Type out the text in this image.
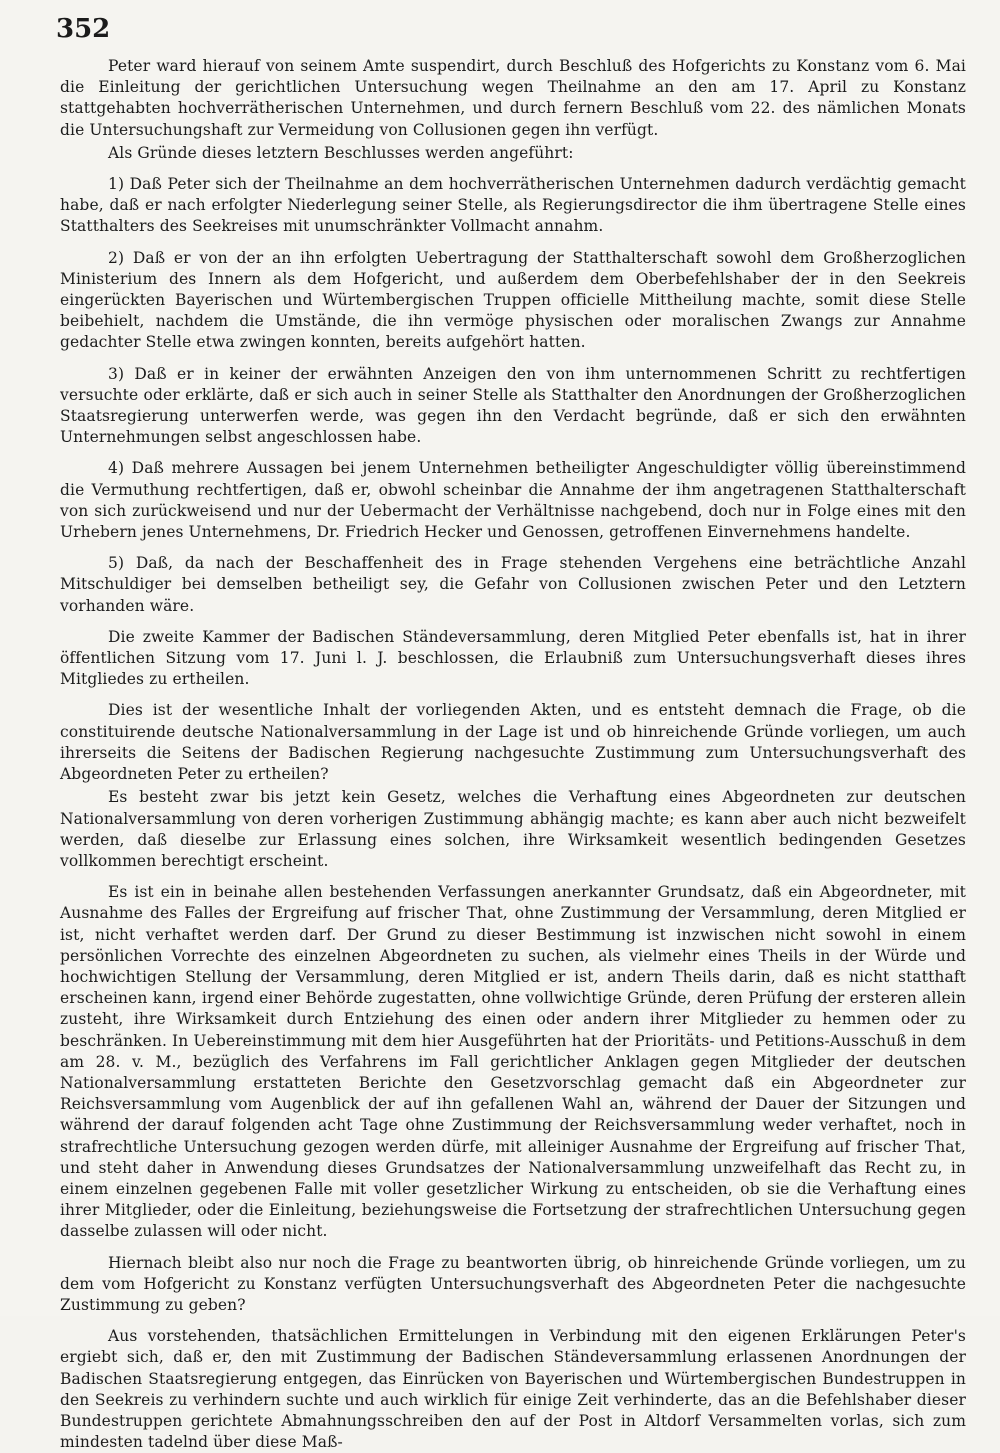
352

Peter ward hierauf von seinem Amte suspendirt, durch Beschluß des Hofgerichts zu Konstanz vom 6. Mai die Einleitung der gerichtlichen Untersuchung wegen Theilnahme an den am 17. April zu Konstanz stattgehabten hochverrätherischen Unternehmen, und durch fernern Beschluß vom 22. des nämlichen Monats die Untersuchungshaft zur Vermeidung von Collusionen gegen ihn verfügt.

Als Gründe dieses letztern Beschlusses werden angeführt:

1) Daß Peter sich der Theilnahme an dem hochverrätherischen Unternehmen dadurch verdächtig gemacht habe, daß er nach erfolgter Niederlegung seiner Stelle, als Regierungsdirector die ihm übertragene Stelle eines Statthalters des Seekreises mit unumschränkter Vollmacht annahm.

2) Daß er von der an ihn erfolgten Uebertragung der Statthalterschaft sowohl dem Großherzoglichen Ministerium des Innern als dem Hofgericht, und außerdem dem Oberbefehlshaber der in den Seekreis eingerückten Bayerischen und Würtembergischen Truppen officielle Mittheilung machte, somit diese Stelle beibehielt, nachdem die Umstände, die ihn vermöge physischen oder moralischen Zwangs zur Annahme gedachter Stelle etwa zwingen konnten, bereits aufgehört hatten.

3) Daß er in keiner der erwähnten Anzeigen den von ihm unternommenen Schritt zu rechtfertigen versuchte oder erklärte, daß er sich auch in seiner Stelle als Statthalter den Anordnungen der Großherzoglichen Staatsregierung unterwerfen werde, was gegen ihn den Verdacht begründe, daß er sich den erwähnten Unternehmungen selbst angeschlossen habe.

4) Daß mehrere Aussagen bei jenem Unternehmen betheiligter Angeschuldigter völlig übereinstimmend die Vermuthung rechtfertigen, daß er, obwohl scheinbar die Annahme der ihm angetragenen Statthalterschaft von sich zurückweisend und nur der Uebermacht der Verhältnisse nachgebend, doch nur in Folge eines mit den Urhebern jenes Unternehmens, Dr. Friedrich Hecker und Genossen, getroffenen Einvernehmens handelte.

5) Daß, da nach der Beschaffenheit des in Frage stehenden Vergehens eine beträchtliche Anzahl Mitschuldiger bei demselben betheiligt sey, die Gefahr von Collusionen zwischen Peter und den Letztern vorhanden wäre.

Die zweite Kammer der Badischen Ständeversammlung, deren Mitglied Peter ebenfalls ist, hat in ihrer öffentlichen Sitzung vom 17. Juni l. J. beschlossen, die Erlaubniß zum Untersuchungsverhaft dieses ihres Mitgliedes zu ertheilen.

Dies ist der wesentliche Inhalt der vorliegenden Akten, und es entsteht demnach die Frage, ob die constituirende deutsche Nationalversammlung in der Lage ist und ob hinreichende Gründe vorliegen, um auch ihrerseits die Seitens der Badischen Regierung nachgesuchte Zustimmung zum Untersuchungsverhaft des Abgeordneten Peter zu ertheilen?

Es besteht zwar bis jetzt kein Gesetz, welches die Verhaftung eines Abgeordneten zur deutschen Nationalversammlung von deren vorherigen Zustimmung abhängig machte; es kann aber auch nicht bezweifelt werden, daß dieselbe zur Erlassung eines solchen, ihre Wirksamkeit wesentlich bedingenden Gesetzes vollkommen berechtigt erscheint.

Es ist ein in beinahe allen bestehenden Verfassungen anerkannter Grundsatz, daß ein Abgeordneter, mit Ausnahme des Falles der Ergreifung auf frischer That, ohne Zustimmung der Versammlung, deren Mitglied er ist, nicht verhaftet werden darf. Der Grund zu dieser Bestimmung ist inzwischen nicht sowohl in einem persönlichen Vorrechte des einzelnen Abgeordneten zu suchen, als vielmehr eines Theils in der Würde und hochwichtigen Stellung der Versammlung, deren Mitglied er ist, andern Theils darin, daß es nicht statthaft erscheinen kann, irgend einer Behörde zugestatten, ohne vollwichtige Gründe, deren Prüfung der ersteren allein zusteht, ihre Wirksamkeit durch Entziehung des einen oder andern ihrer Mitglieder zu hemmen oder zu beschränken. In Uebereinstimmung mit dem hier Ausgeführten hat der Prioritäts- und Petitions-Ausschuß in dem am 28. v. M., bezüglich des Verfahrens im Fall gerichtlicher Anklagen gegen Mitglieder der deutschen Nationalversammlung erstatteten Berichte den Gesetzvorschlag gemacht daß ein Abgeordneter zur Reichsversammlung vom Augenblick der auf ihn gefallenen Wahl an, während der Dauer der Sitzungen und während der darauf folgenden acht Tage ohne Zustimmung der Reichsversammlung weder verhaftet, noch in strafrechtliche Untersuchung gezogen werden dürfe, mit alleiniger Ausnahme der Ergreifung auf frischer That, und steht daher in Anwendung dieses Grundsatzes der Nationalversammlung unzweifelhaft das Recht zu, in einem einzelnen gegebenen Falle mit voller gesetzlicher Wirkung zu entscheiden, ob sie die Verhaftung eines ihrer Mitglieder, oder die Einleitung, beziehungsweise die Fortsetzung der strafrechtlichen Untersuchung gegen dasselbe zulassen will oder nicht.

Hiernach bleibt also nur noch die Frage zu beantworten übrig, ob hinreichende Gründe vorliegen, um zu dem vom Hofgericht zu Konstanz verfügten Untersuchungsverhaft des Abgeordneten Peter die nachgesuchte Zustimmung zu geben?

Aus vorstehenden, thatsächlichen Ermittelungen in Verbindung mit den eigenen Erklärungen Peter's ergiebt sich, daß er, den mit Zustimmung der Badischen Ständeversammlung erlassenen Anordnungen der Badischen Staatsregierung entgegen, das Einrücken von Bayerischen und Würtembergischen Bundestruppen in den Seekreis zu verhindern suchte und auch wirklich für einige Zeit verhinderte, das an die Befehlshaber dieser Bundestruppen gerichtete Abmahnungsschreiben den auf der Post in Altdorf Versammelten vorlas, sich zum mindesten tadelnd über diese Maß-
